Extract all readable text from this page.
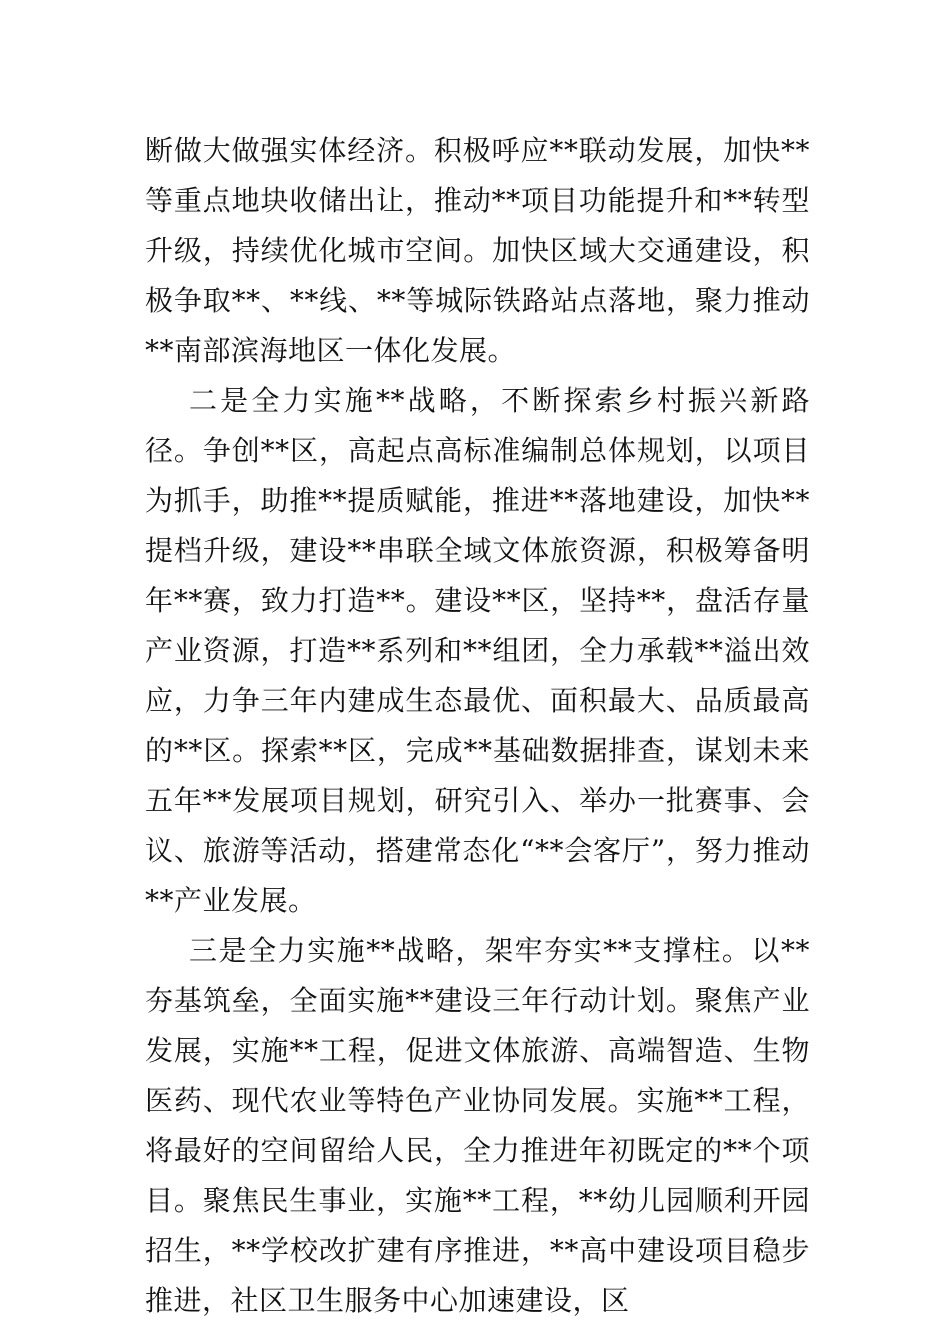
断做大做强实体经济。积极呼应**联动发展，加快**等重点地块收储出让，推动**项目功能提升和**转型升级，持续优化城市空间。加快区域大交通建设，积极争取**、**线、**等城际铁路站点落地，聚力推动**南部滨海地区一体化发展。

二是全力实施**战略，不断探索乡村振兴新路径。争创**区，高起点高标准编制总体规划，以项目为抓手，助推**提质赋能，推进**落地建设，加快**提档升级，建设**串联全域文体旅资源，积极筹备明年**赛，致力打造**。建设**区，坚持**，盘活存量产业资源，打造**系列和**组团，全力承载**溢出效应，力争三年内建成生态最优、面积最大、品质最高的**区。探索**区，完成**基础数据排查，谋划未来五年**发展项目规划，研究引入、举办一批赛事、会议、旅游等活动，搭建常态化“**会客厅”，努力推动**产业发展。

三是全力实施**战略，架牢夯实**支撑柱。以**夯基筑垒，全面实施**建设三年行动计划。聚焦产业发展，实施**工程，促进文体旅游、高端智造、生物医药、现代农业等特色产业协同发展。实施**工程，将最好的空间留给人民，全力推进年初既定的**个项目。聚焦民生事业，实施**工程，**幼儿园顺利开园招生，**学校改扩建有序推进，**高中建设项目稳步推进，社区卫生服务中心加速建设，区
